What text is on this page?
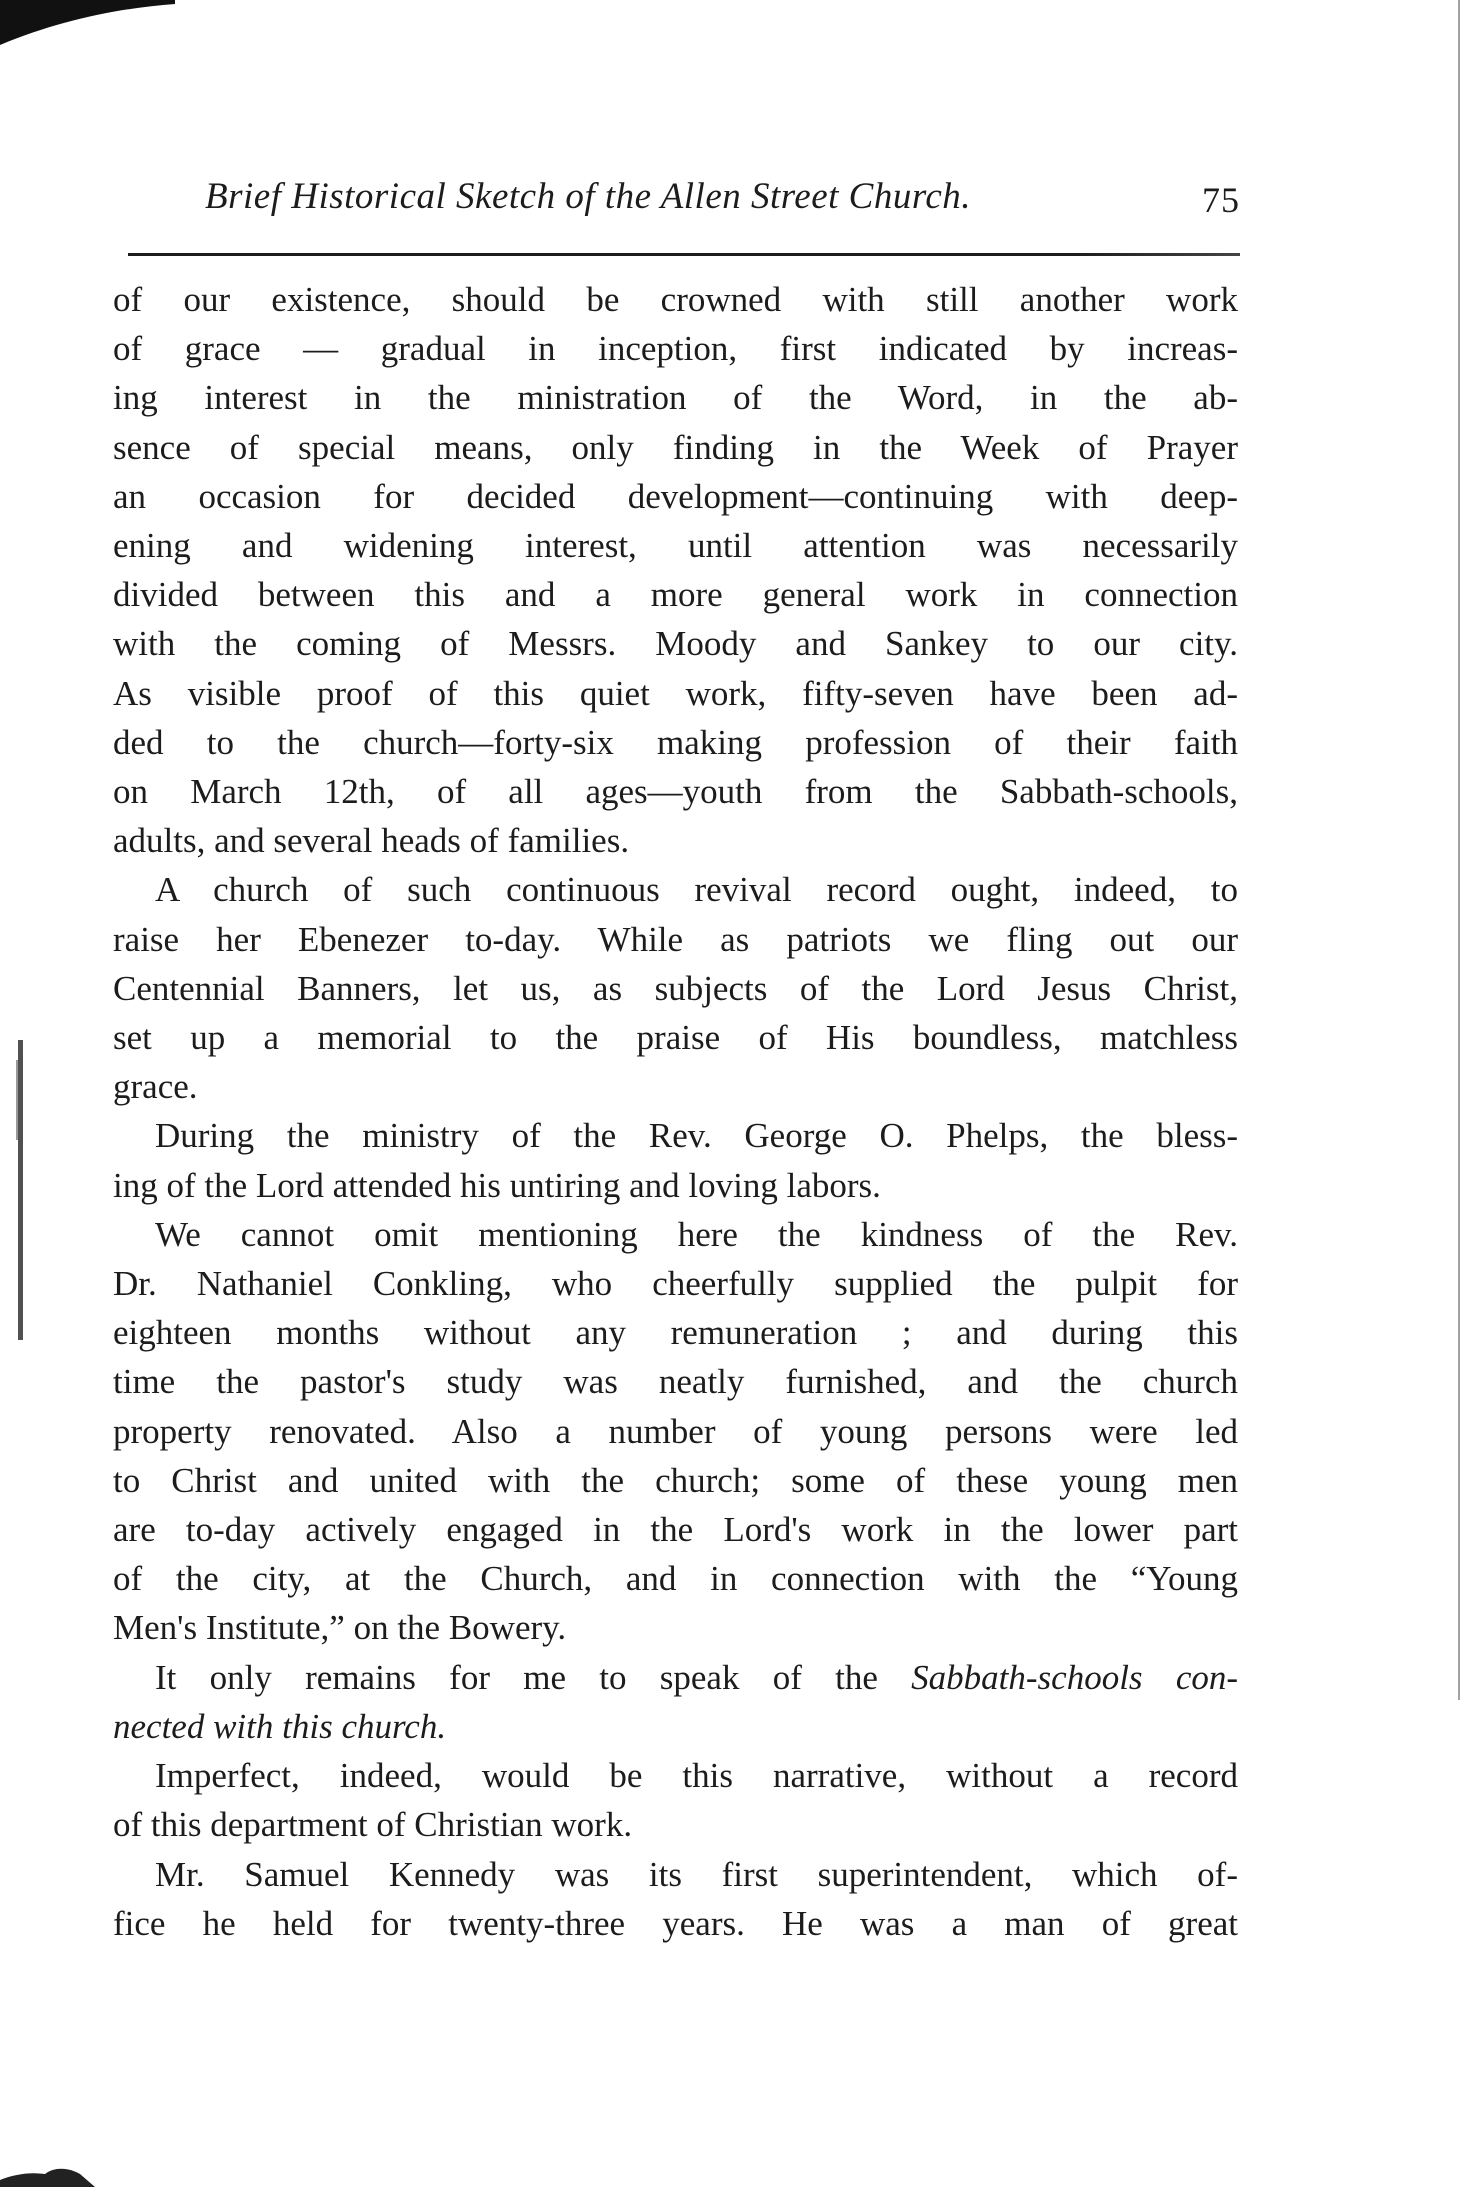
Brief Historical Sketch of the Allen Street Church.	75

of our existence, should be crowned with still another work
of grace — gradual in inception, first indicated by increas-
ing interest in the ministration of the Word, in the ab-
sence of special means, only finding in the Week of Prayer
an occasion for decided development—continuing with deep-
ening and widening interest, until attention was necessarily
divided between this and a more general work in connection
with the coming of Messrs. Moody and Sankey to our city.
As visible proof of this quiet work, fifty-seven have been ad-
ded to the church—forty-six making profession of their faith
on March 12th, of all ages—youth from the Sabbath-schools,
adults, and several heads of families.

A church of such continuous revival record ought, indeed, to
raise her Ebenezer to-day. While as patriots we fling out our
Centennial Banners, let us, as subjects of the Lord Jesus Christ,
set up a memorial to the praise of His boundless, matchless
grace.

During the ministry of the Rev. George O. Phelps, the bless-
ing of the Lord attended his untiring and loving labors.

We cannot omit mentioning here the kindness of the Rev.
Dr. Nathaniel Conkling, who cheerfully supplied the pulpit for
eighteen months without any remuneration ; and during this
time the pastor's study was neatly furnished, and the church
property renovated. Also a number of young persons were led
to Christ and united with the church; some of these young men
are to-day actively engaged in the Lord's work in the lower part
of the city, at the Church, and in connection with the “Young
Men's Institute,” on the Bowery.

It only remains for me to speak of the Sabbath-schools con-
nected with this church.

Imperfect, indeed, would be this narrative, without a record
of this department of Christian work.

Mr. Samuel Kennedy was its first superintendent, which of-
fice he held for twenty-three years. He was a man of great
